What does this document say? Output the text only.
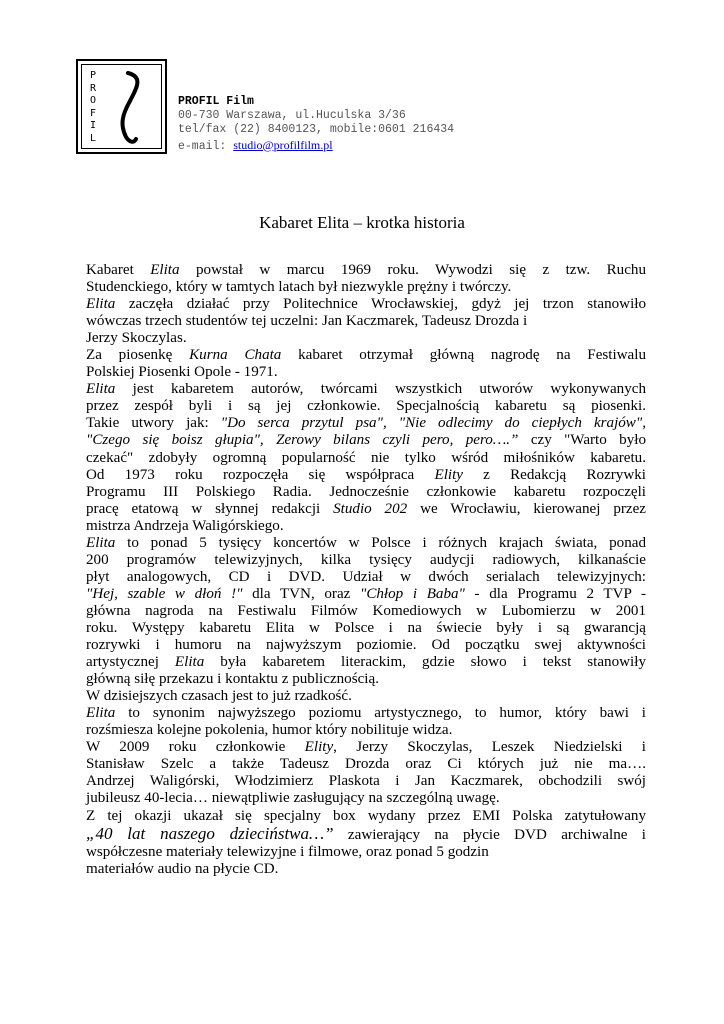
P
R
O
F
I
L
PROFIL Film
00-730 Warszawa, ul.Huculska 3/36
tel/fax (22) 8400123, mobile:0601 216434
e-mail: studio@profilfilm.pl
Kabaret Elita – krotka historia
Kabaret Elita powstał w marcu 1969 roku. Wywodzi się z tzw. Ruchu
Studenckiego, który w tamtych latach był niezwykle prężny i twórczy.
Elita zaczęła działać przy Politechnice Wrocławskiej, gdyż jej trzon stanowiło
wówczas trzech studentów tej uczelni: Jan Kaczmarek, Tadeusz Drozda i
Jerzy Skoczylas.
Za piosenkę Kurna Chata kabaret otrzymał główną nagrodę na Festiwalu
Polskiej Piosenki Opole - 1971.
Elita jest kabaretem autorów, twórcami wszystkich utworów wykonywanych
przez zespół byli i są jej członkowie. Specjalnością kabaretu są piosenki.
Takie utwory jak: "Do serca przytul psa", "Nie odlecimy do ciepłych krajów",
"Czego się boisz głupia", Zerowy bilans czyli pero, pero….” czy "Warto było
czekać" zdobyły ogromną popularność nie tylko wśród miłośników kabaretu.
Od 1973 roku rozpoczęła się współpraca Elity z Redakcją Rozrywki
Programu III Polskiego Radia. Jednocześnie członkowie kabaretu rozpoczęli
pracę etatową w słynnej redakcji Studio 202 we Wrocławiu, kierowanej przez
mistrza Andrzeja Waligórskiego.
Elita to ponad 5 tysięcy koncertów w Polsce i różnych krajach świata, ponad
200 programów telewizyjnych, kilka tysięcy audycji radiowych, kilkanaście
płyt analogowych, CD i DVD. Udział w dwóch serialach telewizyjnych:
"Hej, szable w dłoń !" dla TVN, oraz "Chłop i Baba" - dla Programu 2 TVP -
główna nagroda na Festiwalu Filmów Komediowych w Lubomierzu w 2001
roku. Występy kabaretu Elita w Polsce i na świecie były i są gwarancją
rozrywki i humoru na najwyższym poziomie. Od początku swej aktywności
artystycznej Elita była kabaretem literackim, gdzie słowo i tekst stanowiły
główną siłę przekazu i kontaktu z publicznością.
W dzisiejszych czasach jest to już rzadkość.
Elita to synonim najwyższego poziomu artystycznego, to humor, który bawi i
rozśmiesza kolejne pokolenia, humor który nobilituje widza.
W 2009 roku członkowie Elity, Jerzy Skoczylas, Leszek Niedzielski i
Stanisław Szelc a także Tadeusz Drozda oraz Ci których już nie ma….
Andrzej Waligórski, Włodzimierz Plaskota i Jan Kaczmarek, obchodzili swój
jubileusz 40-lecia… niewątpliwie zasługujący na szczególną uwagę.
Z tej okazji ukazał się specjalny box wydany przez EMI Polska zatytułowany
„40 lat naszego dzieciństwa…” zawierający na płycie DVD archiwalne i
współczesne materiały telewizyjne i filmowe, oraz ponad 5 godzin
materiałów audio na płycie CD.
